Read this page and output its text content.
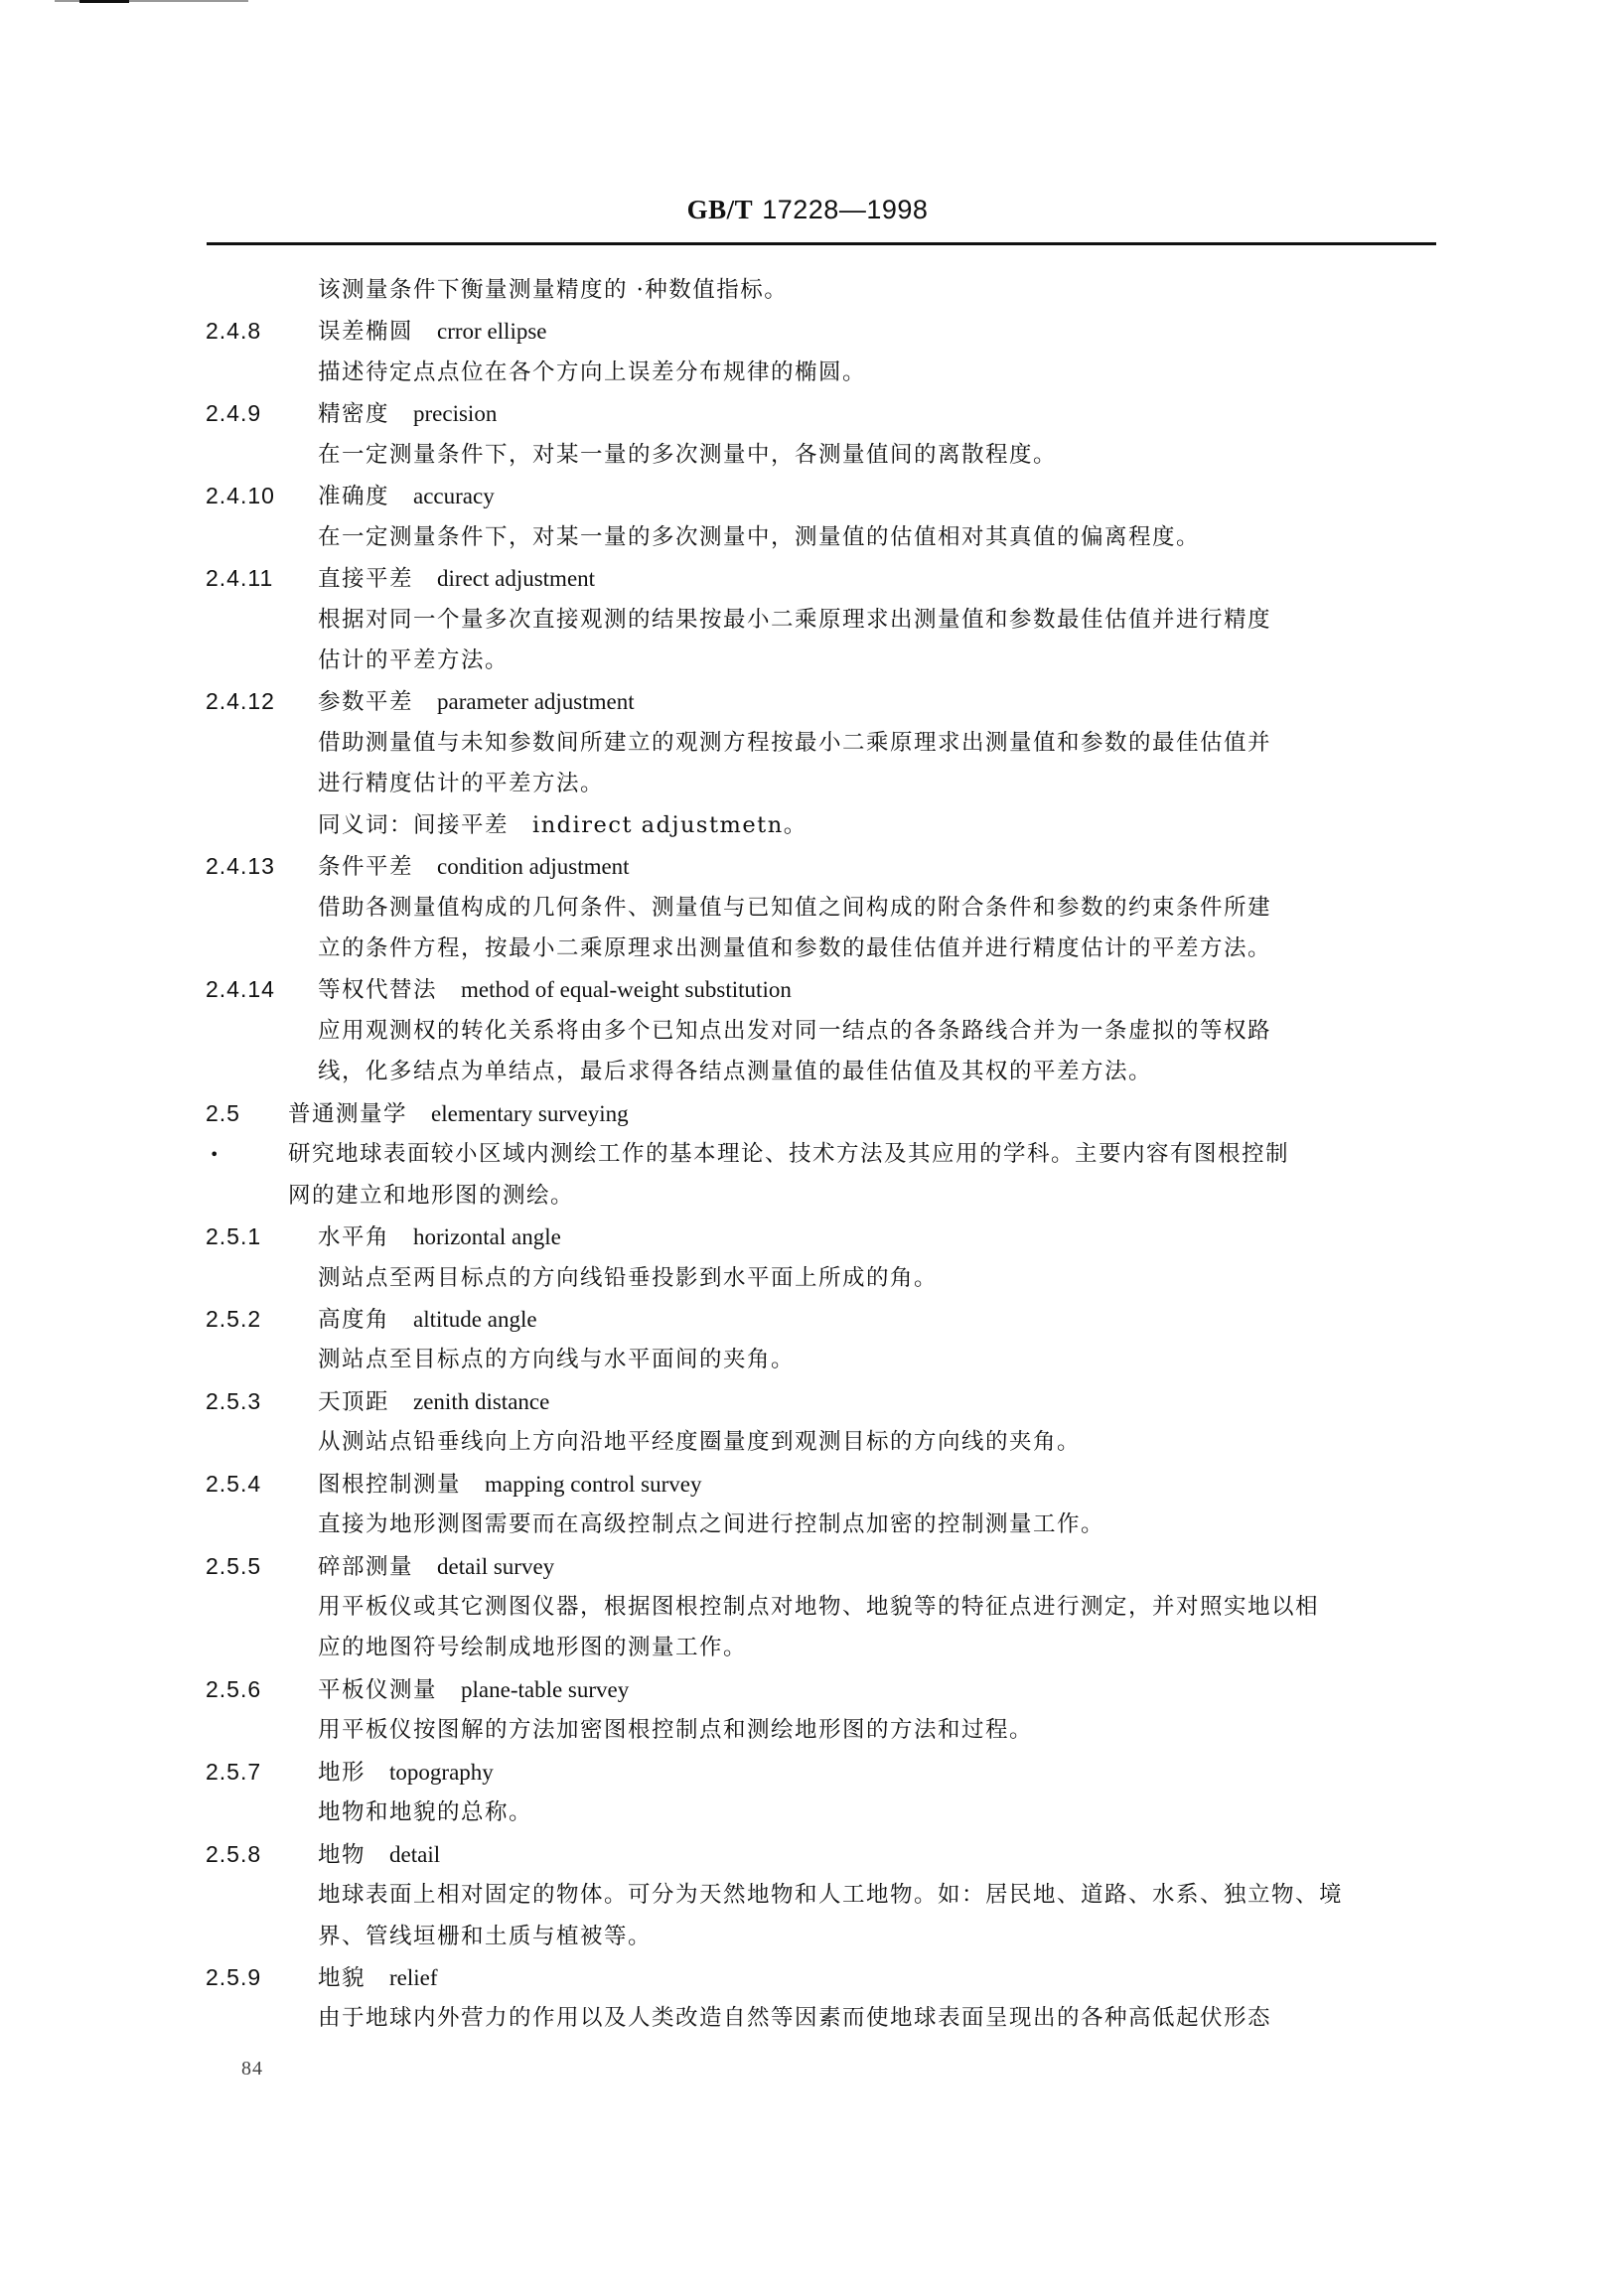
GB/T 17228—1998
该测量条件下衡量测量精度的 ·种数值指标。
2.4.8	误差椭圆 crror ellipse
描述待定点点位在各个方向上误差分布规律的椭圆。
2.4.9	精密度 precision
在一定测量条件下，对某一量的多次测量中，各测量值间的离散程度。
2.4.10 准确度 accuracy
在一定测量条件下，对某一量的多次测量中，测量值的估值相对其真值的偏离程度。
2.4.11 直接平差 direct adjustment
根据对同一个量多次直接观测的结果按最小二乘原理求出测量值和参数最佳估值并进行精度
估计的平差方法。
2.4.12 参数平差 parameter adjustment
借助测量值与未知参数间所建立的观测方程按最小二乘原理求出测量值和参数的最佳估值并
进行精度估计的平差方法。
同义词：间接平差　indirect adjustmetn。
2.4.13 条件平差 condition adjustment
借助各测量值构成的几何条件、测量值与已知值之间构成的附合条件和参数的约束条件所建
立的条件方程，按最小二乘原理求出测量值和参数的最佳估值并进行精度估计的平差方法。
2.4.14 等权代替法 method of equal-weight substitution
应用观测权的转化关系将由多个已知点出发对同一结点的各条路线合并为一条虚拟的等权路
线，化多结点为单结点，最后求得各结点测量值的最佳估值及其权的平差方法。
2.5 普通测量学 elementary surveying
•	研究地球表面较小区域内测绘工作的基本理论、技术方法及其应用的学科。主要内容有图根控制
网的建立和地形图的测绘。
2.5.1	水平角 horizontal angle
测站点至两目标点的方向线铅垂投影到水平面上所成的角。
2.5.2	高度角 altitude angle
测站点至目标点的方向线与水平面间的夹角。
2.5.3	天顶距 zenith distance
从测站点铅垂线向上方向沿地平经度圈量度到观测目标的方向线的夹角。
2.5.4	图根控制测量 mapping control survey
直接为地形测图需要而在高级控制点之间进行控制点加密的控制测量工作。
2.5.5	碎部测量 detail survey
用平板仪或其它测图仪器，根据图根控制点对地物、地貌等的特征点进行测定，并对照实地以相
应的地图符号绘制成地形图的测量工作。
2.5.6	平板仪测量 plane-table survey
用平板仪按图解的方法加密图根控制点和测绘地形图的方法和过程。
2.5.7	地形 topography
地物和地貌的总称。
2.5.8	地物 detail
地球表面上相对固定的物体。可分为天然地物和人工地物。如：居民地、道路、水系、独立物、境
界、管线垣栅和土质与植被等。
2.5.9	地貌 relief
由于地球内外营力的作用以及人类改造自然等因素而使地球表面呈现出的各种高低起伏形态
84
